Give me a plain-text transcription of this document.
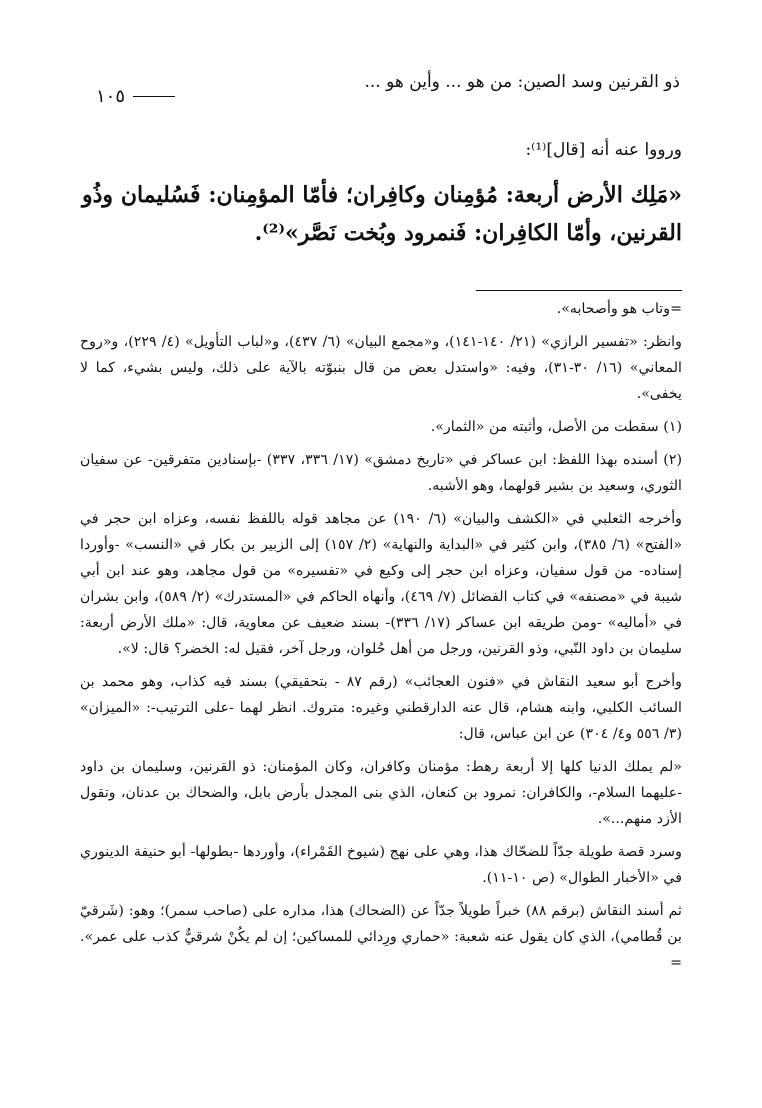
ذو القرنين وسد الصين: من هو ... وأين هو ...
١٠٥

ورووا عنه أنه [قال]⁽¹⁾:

«مَلِك الأرض أربعة: مُؤمِنان وكافِران؛ فأمّا المؤمِنان: فَسُليمان وذُو القرنين، وأمّا الكافِران: فَنمرود وبُخت نَصَّر»⁽²⁾.

=وتاب هو وأصحابه».

وانظر: «تفسير الرازي» (٢١/ ١٤٠-١٤١)، و«مجمع البيان» (٦/ ٤٣٧)، و«لباب التأويل» (٤/ ٢٢٩)، و«روح المعاني» (١٦/ ٣٠-٣١)، وفيه: «واستدل بعض من قال بنبوّته بالآية على ذلك، وليس بشيء، كما لا يخفى».

(١) سقطت من الأصل، وأثبته من «الثمار».

(٢) أسنده بهذا اللفظ: ابن عساكر في «تاريخ دمشق» (١٧/ ٣٣٦، ٣٣٧) -بإسنادين متفرقين- عن سفيان الثوري، وسعيد بن بشير قولهما، وهو الأشبه.

وأخرجه الثعلبي في «الكشف والبيان» (٦/ ١٩٠) عن مجاهد قوله باللفظ نفسه، وعزاه ابن حجر في «الفتح» (٦/ ٣٨٥)، وابن كثير في «البداية والنهاية» (٢/ ١٥٧) إلى الزبير بن بكار في «النسب» -وأوردا إسناده- من قول سفيان، وعزاه ابن حجر إلى وكيع في «تفسيره» من قول مجاهد، وهو عند ابن أبي شيبة في «مصنفه» في كتاب الفضائل (٧/ ٤٦٩)، وأنهاه الحاكم في «المستدرك» (٢/ ٥٨٩)، وابن بشران في «أماليه» -ومن طريقه ابن عساكر (١٧/ ٣٣٦)- بسند ضعيف عن معاوية، قال: «ملك الأرض أربعة: سليمان بن داود النّبي، وذو القرنين، ورجل من أهل حُلوان، ورجل آخر، فقيل له: الخضر؟ قال: لا».

وأخرج أبو سعيد النقاش في «فنون العجائب» (رقم ٨٧ - بتحقيقي) بسند فيه كذاب، وهو محمد بن السائب الكلبي، وابنه هشام، قال عنه الدارقطني وغيره: متروك. انظر لهما -على الترتيب-: «الميزان» (٣/ ٥٥٦ و٤/ ٣٠٤) عن ابن عباس، قال:

«لم يملك الدنيا كلها إلا أربعة رهط: مؤمنان وكافران، وكان المؤمنان: ذو القرنين، وسليمان بن داود -عليهما السلام-، والكافران: نمرود بن كنعان، الذي بنى المجدل بأرض بابل، والضحاك بن عدنان، وتقول الأزد منهم...».

وسرد قصة طويلة جدّاً للضحّاك هذا، وهي على نهج (شيوخ القَمْراء)، وأوردها -بطولها- أبو حنيفة الدينوري في «الأخبار الطوال» (ص ١٠-١١).

ثم أسند النقاش (برقم ٨٨) خبراً طويلاً جدّاً عن (الضحاك) هذا، مداره على (صاحب سمر)؛ وهو: (شَرقيّ بن قُطامي)، الذي كان يقول عنه شعبة: «حماري ورِدائي للمساكين؛ إن لم يكُنْ شرقيٌّ كذب على عمر». =
